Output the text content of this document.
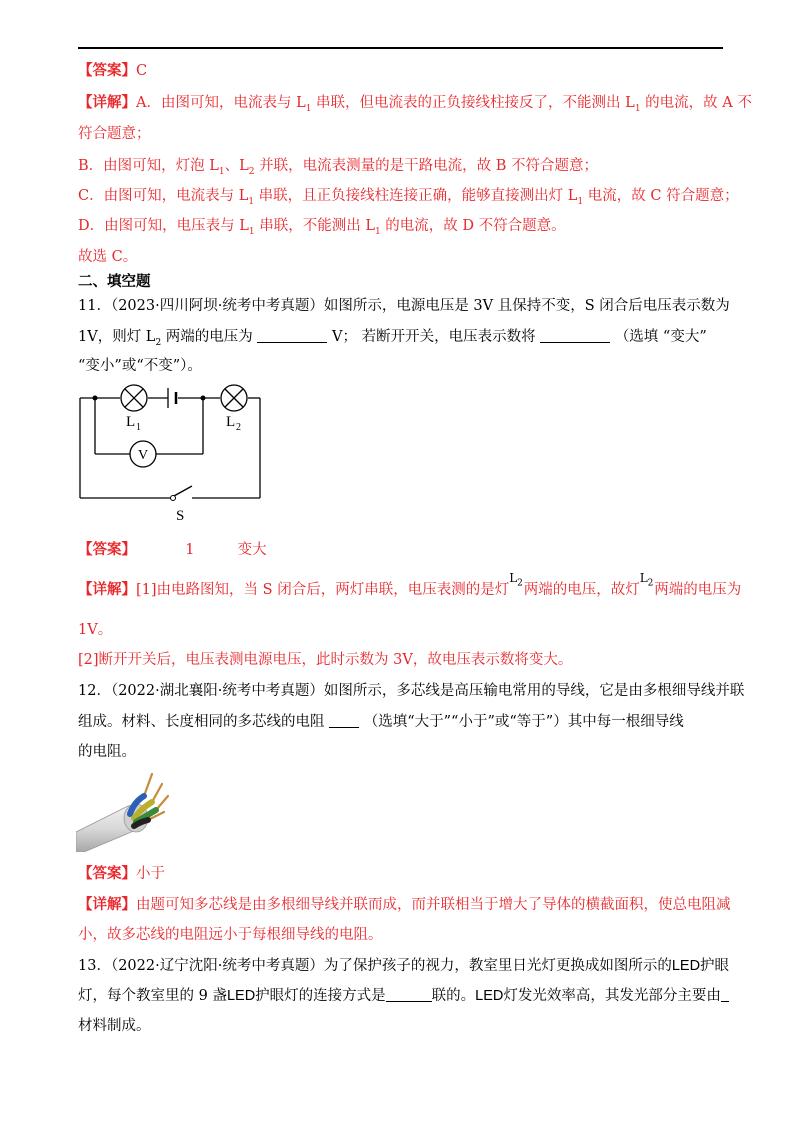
【答案】C
【详解】A．由图可知，电流表与 $L_1$ 串联，但电流表的正负接线柱接反了，不能测出 $L_1$ 的电流，故 A 不
符合题意；
B．由图可知，灯泡 $L_1$、$L_2$ 并联，电流表测量的是干路电流，故 B 不符合题意；
C．由图可知，电流表与 $L_1$ 串联，且正负接线柱连接正确，能够直接测出灯 $L_1$ 电流，故 C 符合题意；
D．由图可知，电压表与 $L_1$ 串联，不能测出 $L_1$ 的电流，故 D 不符合题意。
故选 C。
二、填空题
11．（2023·四川阿坝·统考中考真题）如图所示，电源电压是 3V 且保持不变，S 闭合后电压表示数为
1V，则灯 $L_2$ 两端的电压为	V； 若断开开关，电压表示数将	（选填 “变大”
“变小”或“不变”）。
V
L 1	L 2
S
【答案】	1	变大
【详解】[1]由电路图知，当 S 闭合后，两灯串联，电压表测的是灯
$L_2$
  两端的电压，故灯
$L_2$
  两端的电压为
1V。
[2]断开开关后，电压表测电源电压，此时示数为 3V，故电压表示数将变大。
12．（2022·湖北襄阳·统考中考真题）如图所示，多芯线是高压输电常用的导线，它是由多根细导线并联
组成。材料、长度相同的多芯线的电阻	（选填“大于”“小于”或“等于”）其中每一根细导线
的电阻。
【答案】小于
【详解】由题可知多芯线是由多根细导线并联而成，而并联相当于增大了导体的横截面积，使总电阻减
小，故多芯线的电阻远小于每根细导线的电阻。
13．（2022·辽宁沈阳·统考中考真题）为了保护孩子的视力，教室里日光灯更换成如图所示的LED护眼
灯，每个教室里的 9 盏LED护眼灯的连接方式是	联的。LED灯发光效率高，其发光部分主要由
材料制成。
